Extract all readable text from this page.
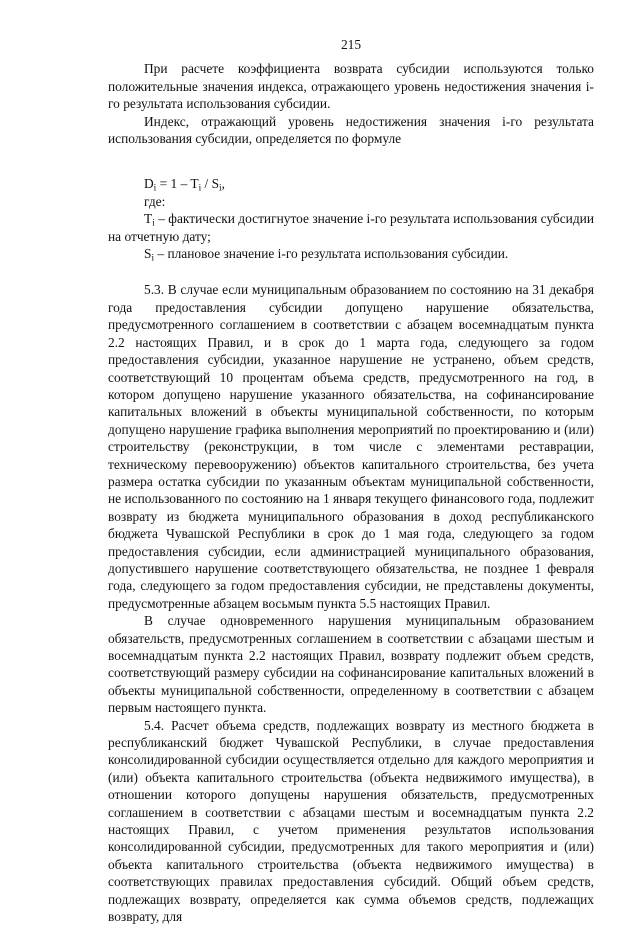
215

При расчете коэффициента возврата субсидии используются только положительные значения индекса, отражающего уровень недостижения значения i-го результата использования субсидии.

Индекс, отражающий уровень недостижения значения i-го результата использования субсидии, определяется по формуле

$D_i = 1 - T_i / S_i$,

где:

$T_i$ – фактически достигнутое значение i-го результата использования субсидии на отчетную дату;

$S_i$ – плановое значение i-го результата использования субсидии.

5.3. В случае если муниципальным образованием по состоянию на 31 декабря года предоставления субсидии допущено нарушение обязательства, предусмотренного соглашением в соответствии с абзацем восемнадцатым пункта 2.2 настоящих Правил, и в срок до 1 марта года, следующего за годом предоставления субсидии, указанное нарушение не устранено, объем средств, соответствующий 10 процентам объема средств, предусмотренного на год, в котором допущено нарушение указанного обязательства, на софинансирование капитальных вложений в объекты муниципальной собственности, по которым допущено нарушение графика выполнения мероприятий по проектированию и (или) строительству (реконструкции, в том числе с элементами реставрации, техническому перевооружению) объектов капитального строительства, без учета размера остатка субсидии по указанным объектам муниципальной собственности, не использованного по состоянию на 1 января текущего финансового года, подлежит возврату из бюджета муниципального образования в доход республиканского бюджета Чувашской Республики в срок до 1 мая года, следующего за годом предоставления субсидии, если администрацией муниципального образования, допустившего нарушение соответствующего обязательства, не позднее 1 февраля года, следующего за годом предоставления субсидии, не представлены документы, предусмотренные абзацем восьмым пункта 5.5 настоящих Правил.

В случае одновременного нарушения муниципальным образованием обязательств, предусмотренных соглашением в соответствии с абзацами шестым и восемнадцатым пункта 2.2 настоящих Правил, возврату подлежит объем средств, соответствующий размеру субсидии на софинансирование капитальных вложений в объекты муниципальной собственности, определенному в соответствии с абзацем первым настоящего пункта.

5.4. Расчет объема средств, подлежащих возврату из местного бюджета в республиканский бюджет Чувашской Республики, в случае предоставления консолидированной субсидии осуществляется отдельно для каждого мероприятия и (или) объекта капитального строительства (объекта недвижимого имущества), в отношении которого допущены нарушения обязательств, предусмотренных соглашением в соответствии с абзацами шестым и восемнадцатым пункта 2.2 настоящих Правил, с учетом применения результатов использования консолидированной субсидии, предусмотренных для такого мероприятия и (или) объекта капитального строительства (объекта недвижимого имущества) в соответствующих правилах предоставления субсидий. Общий объем средств, подлежащих возврату, определяется как сумма объемов средств, подлежащих возврату, для
